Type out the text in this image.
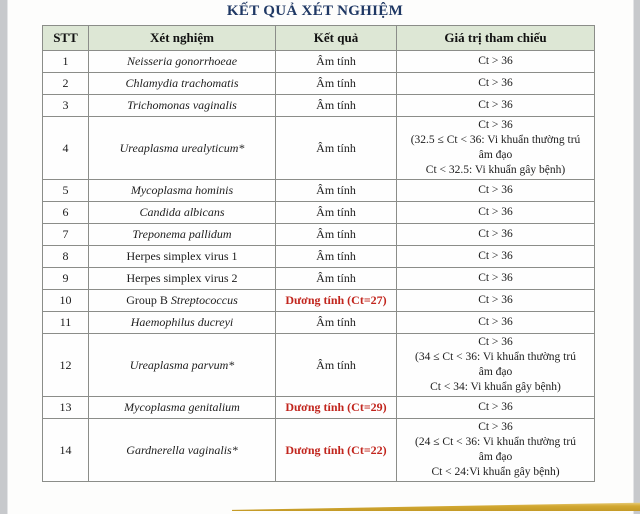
KẾT QUẢ XÉT NGHIỆM
STT	Xét nghiệm	Kết quả	Giá trị tham chiếu
1	Neisseria gonorrhoeae	Âm tính	Ct > 36

2	Chlamydia trachomatis	Âm tính	Ct > 36

3	Trichomonas vaginalis	Âm tính	Ct > 36

4	Ureaplasma urealyticum*	Âm tính	Ct > 36
(32.5 ≤ Ct < 36: Vi khuẩn thường trú
âm đạo
Ct < 32.5: Vi khuẩn gây bệnh)

5	Mycoplasma hominis	Âm tính	Ct > 36

6	Candida albicans	Âm tính	Ct > 36

7	Treponema pallidum	Âm tính	Ct > 36

8	Herpes simplex virus 1	Âm tính	Ct > 36

9	Herpes simplex virus 2	Âm tính	Ct > 36

10	Group B Streptococcus	Dương tính (Ct=27)	Ct > 36

11	Haemophilus ducreyi	Âm tính	Ct > 36

12	Ureaplasma parvum*	Âm tính	Ct > 36
(34 ≤ Ct < 36: Vi khuẩn thường trú
âm đạo
Ct < 34: Vi khuẩn gây bệnh)

13	Mycoplasma genitalium	Dương tính (Ct=29)	Ct > 36

14	Gardnerella vaginalis*	Dương tính (Ct=22)	Ct > 36
(24 ≤ Ct < 36: Vi khuẩn thường trú
âm đạo
Ct < 24:Vi khuẩn gây bệnh)
